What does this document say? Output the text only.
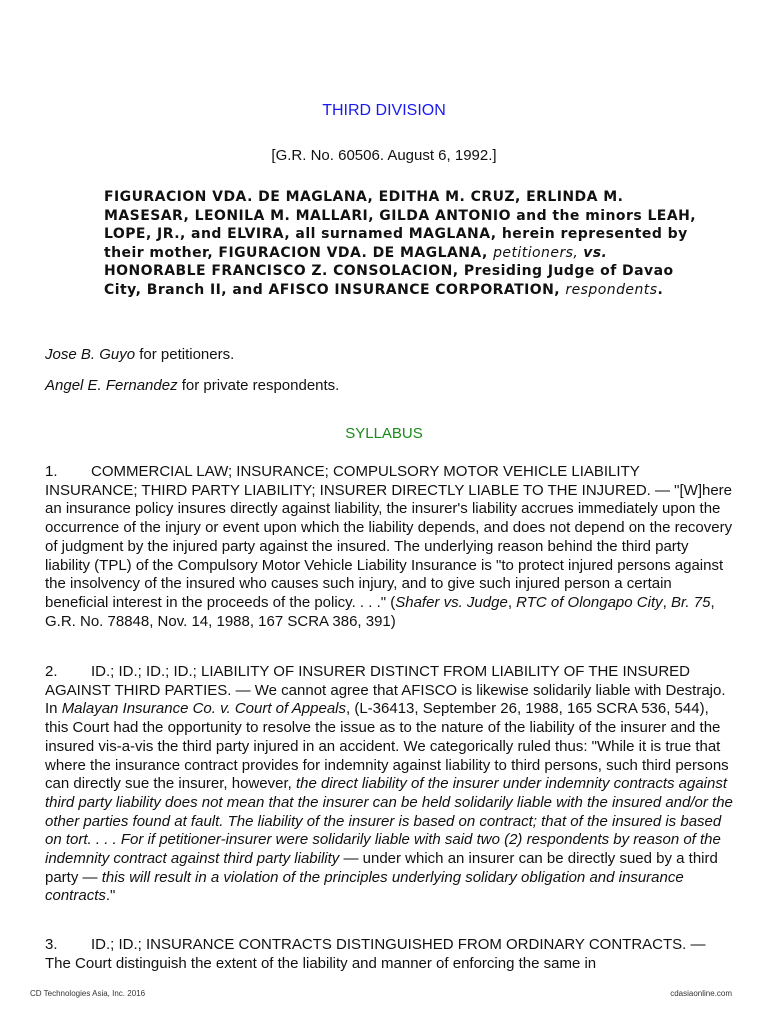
THIRD DIVISION
[G.R. No. 60506. August 6, 1992.]
FIGURACION VDA. DE MAGLANA, EDITHA M. CRUZ, ERLINDA M. MASESAR, LEONILA M. MALLARI, GILDA ANTONIO and the minors LEAH, LOPE, JR., and ELVIRA, all surnamed MAGLANA, herein represented by their mother, FIGURACION VDA. DE MAGLANA, petitioners, vs. HONORABLE FRANCISCO Z. CONSOLACION, Presiding Judge of Davao City, Branch II, and AFISCO INSURANCE CORPORATION, respondents.
Jose B. Guyo for petitioners.
Angel E. Fernandez for private respondents.
SYLLABUS
1. COMMERCIAL LAW; INSURANCE; COMPULSORY MOTOR VEHICLE LIABILITY INSURANCE; THIRD PARTY LIABILITY; INSURER DIRECTLY LIABLE TO THE INJURED. — "[W]here an insurance policy insures directly against liability, the insurer's liability accrues immediately upon the occurrence of the injury or event upon which the liability depends, and does not depend on the recovery of judgment by the injured party against the insured. The underlying reason behind the third party liability (TPL) of the Compulsory Motor Vehicle Liability Insurance is "to protect injured persons against the insolvency of the insured who causes such injury, and to give such injured person a certain beneficial interest in the proceeds of the policy. . . ." (Shafer vs. Judge, RTC of Olongapo City, Br. 75, G.R. No. 78848, Nov. 14, 1988, 167 SCRA 386, 391)
2. ID.; ID.; ID.; ID.; LIABILITY OF INSURER DISTINCT FROM LIABILITY OF THE INSURED AGAINST THIRD PARTIES. — We cannot agree that AFISCO is likewise solidarily liable with Destrajo. In Malayan Insurance Co. v. Court of Appeals, (L-36413, September 26, 1988, 165 SCRA 536, 544), this Court had the opportunity to resolve the issue as to the nature of the liability of the insurer and the insured vis-a-vis the third party injured in an accident. We categorically ruled thus: "While it is true that where the insurance contract provides for indemnity against liability to third persons, such third persons can directly sue the insurer, however, the direct liability of the insurer under indemnity contracts against third party liability does not mean that the insurer can be held solidarily liable with the insured and/or the other parties found at fault. The liability of the insurer is based on contract; that of the insured is based on tort. . . . For if petitioner-insurer were solidarily liable with said two (2) respondents by reason of the indemnity contract against third party liability — under which an insurer can be directly sued by a third party — this will result in a violation of the principles underlying solidary obligation and insurance contracts."
3. ID.; ID.; INSURANCE CONTRACTS DISTINGUISHED FROM ORDINARY CONTRACTS. — The Court distinguish the extent of the liability and manner of enforcing the same in
CD Technologies Asia, Inc. 2016	cdasiaonline.com
